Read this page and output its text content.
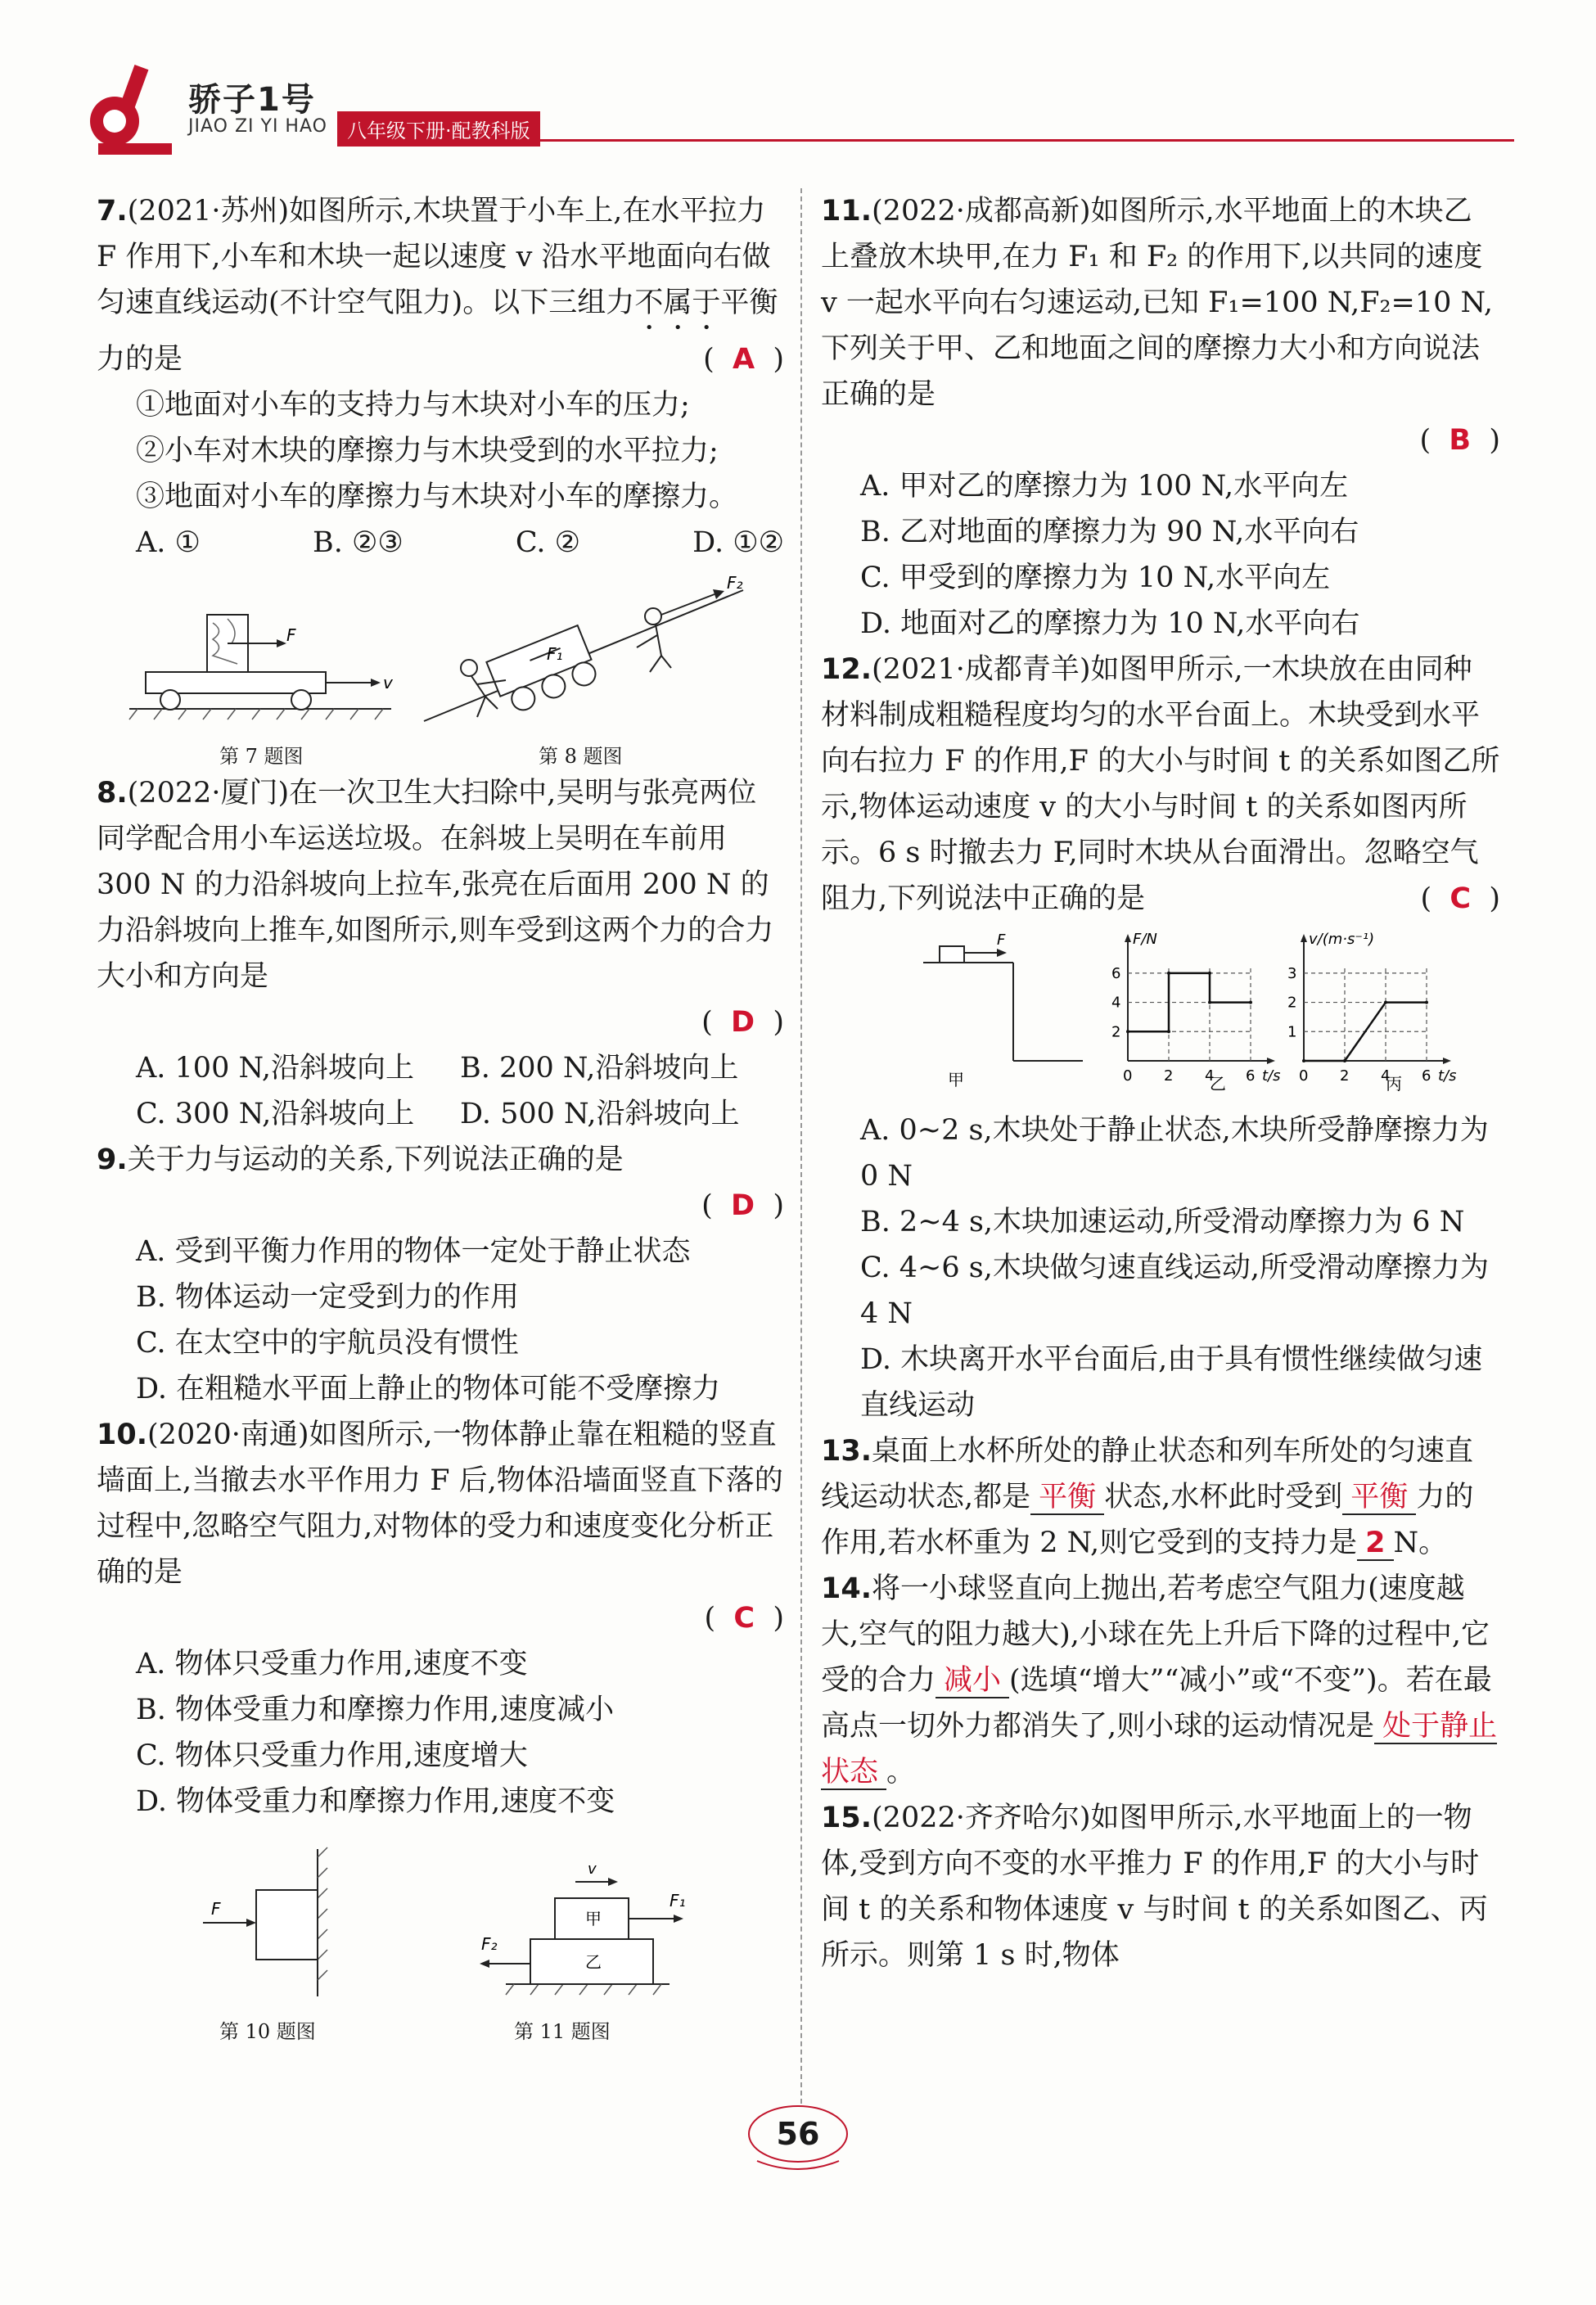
骄子1号
JIAO ZI YI HAO	八年级下册·配教科版
7.(2021·苏州)如图所示,木块置于小车上,在水平拉力 F 作用下,小车和木块一起以速度 v 沿水平地面向右做匀速直线运动(不计空气阻力)。以下三组力不属于平衡力的是	(  A  )
①地面对小车的支持力与木块对小车的压力;
②小车对木块的摩擦力与木块受到的水平拉力;
③地面对小车的摩擦力与木块对小车的摩擦力。
A. ①	B. ②③	C. ②	D. ①②
F
v
F₁
F₂
第 7 题图	第 8 题图
8.(2022·厦门)在一次卫生大扫除中,吴明与张亮两位同学配合用小车运送垃圾。在斜坡上吴明在车前用 300 N 的力沿斜坡向上拉车,张亮在后面用 200 N 的力沿斜坡向上推车,如图所示,则车受到这两个力的合力大小和方向是
( D )
A. 100 N,沿斜坡向上	B. 200 N,沿斜坡向上
C. 300 N,沿斜坡向上	D. 500 N,沿斜坡向上
9.关于力与运动的关系,下列说法正确的是
( D )
A. 受到平衡力作用的物体一定处于静止状态
B. 物体运动一定受到力的作用
C. 在太空中的宇航员没有惯性
D. 在粗糙水平面上静止的物体可能不受摩擦力
10.(2020·南通)如图所示,一物体静止靠在粗糙的竖直墙面上,当撤去水平作用力 F 后,物体沿墙面竖直下落的过程中,忽略空气阻力,对物体的受力和速度变化分析正确的是
( C )
A. 物体只受重力作用,速度不变
B. 物体受重力和摩擦力作用,速度减小
C. 物体只受重力作用,速度增大
D. 物体受重力和摩擦力作用,速度不变
F	甲
乙
v
F₁
F₂
第 10 题图	第 11 题图
11.(2022·成都高新)如图所示,水平地面上的木块乙上叠放木块甲,在力 F₁ 和 F₂ 的作用下,以共同的速度 v 一起水平向右匀速运动,已知 F₁=100 N,F₂=10 N,下列关于甲、乙和地面之间的摩擦力大小和方向说法正确的是
( B )
A. 甲对乙的摩擦力为 100 N,水平向左
B. 乙对地面的摩擦力为 90 N,水平向右
C. 甲受到的摩擦力为 10 N,水平向左
D. 地面对乙的摩擦力为 10 N,水平向右
12.(2021·成都青羊)如图甲所示,一木块放在由同种材料制成粗糙程度均匀的水平台面上。木块受到水平向右拉力 F 的作用,F 的大小与时间 t 的关系如图乙所示,物体运动速度 v 的大小与时间 t 的关系如图丙所示。6 s 时撤去力 F,同时木块从台面滑出。忽略空气阻力,下列说法中正确的是	(  C  )
F
甲	0 2 4 6
2
4
6
t/s
F/N
0 2 4 6
1
2
3
t/s
v/(m·s⁻¹)
乙	丙
A. 0~2 s,木块处于静止状态,木块所受静摩擦力为 0 N
B. 2~4 s,木块加速运动,所受滑动摩擦力为 6 N
C. 4~6 s,木块做匀速直线运动,所受滑动摩擦力为 4 N
D. 木块离开水平台面后,由于具有惯性继续做匀速直线运动
13.桌面上水杯所处的静止状态和列车所处的匀速直线运动状态,都是 平衡 状态,水杯此时受到 平衡 力的作用,若水杯重为 2 N,则它受到的支持力是 2 N。
14.将一小球竖直向上抛出,若考虑空气阻力(速度越大,空气的阻力越大),小球在先上升后下降的过程中,它受的合力 减小 (选填“增大”“减小”或“不变”)。若在最高点一切外力都消失了,则小球的运动情况是 处于静止状态 。
15.(2022·齐齐哈尔)如图甲所示,水平地面上的一物体,受到方向不变的水平推力 F 的作用,F 的大小与时间 t 的关系和物体速度 v 与时间 t 的关系如图乙、丙所示。则第 1 s 时,物体
56
